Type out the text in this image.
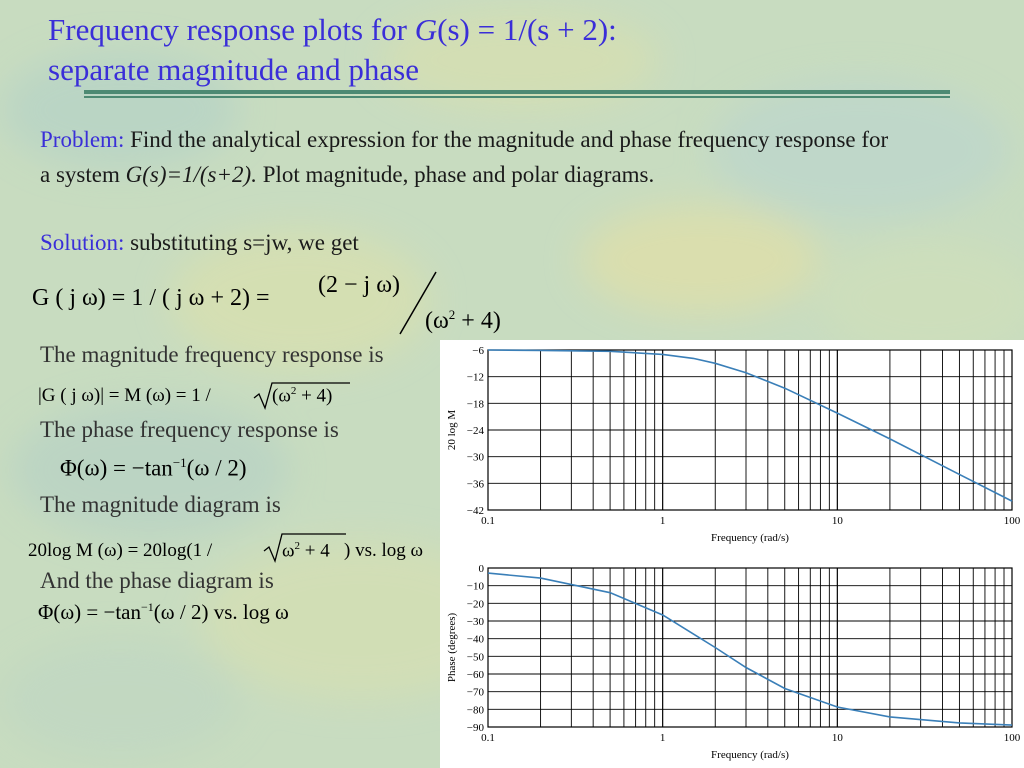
Frequency response plots for G(s) = 1/(s + 2):
separate magnitude and phase
Problem: Find the analytical expression for the magnitude and phase frequency response for a system G(s)=1/(s+2). Plot magnitude, phase and polar diagrams.
Solution: substituting s=jw, we get
G ( j ω) = 1 / ( j ω + 2) = (2 − j ω)
$(\omega^2 + 4)$
The magnitude frequency response is
|G ( j ω)| = M (ω) = 1 /	$(\omega^2 + 4)$
The phase frequency response is
$\Phi(\omega) = -\tan^{-1}(\omega / 2)$
The magnitude diagram is
20log M (ω) = 20log(1 /	$\omega^2 + 4$ ) vs. log ω
And the phase diagram is
$\Phi(\omega) = -\tan^{-1}(\omega / 2)$ vs. log ω
−6
−12
−18
−24
−30
−36
−42
0.1	1	10	100
Frequency (rad/s)
20 log M
0
−10
−20
−30
−40
−50
−60
−70
−80
−90
0.1	1	10	100
Frequency (rad/s)
Phase (degrees)
